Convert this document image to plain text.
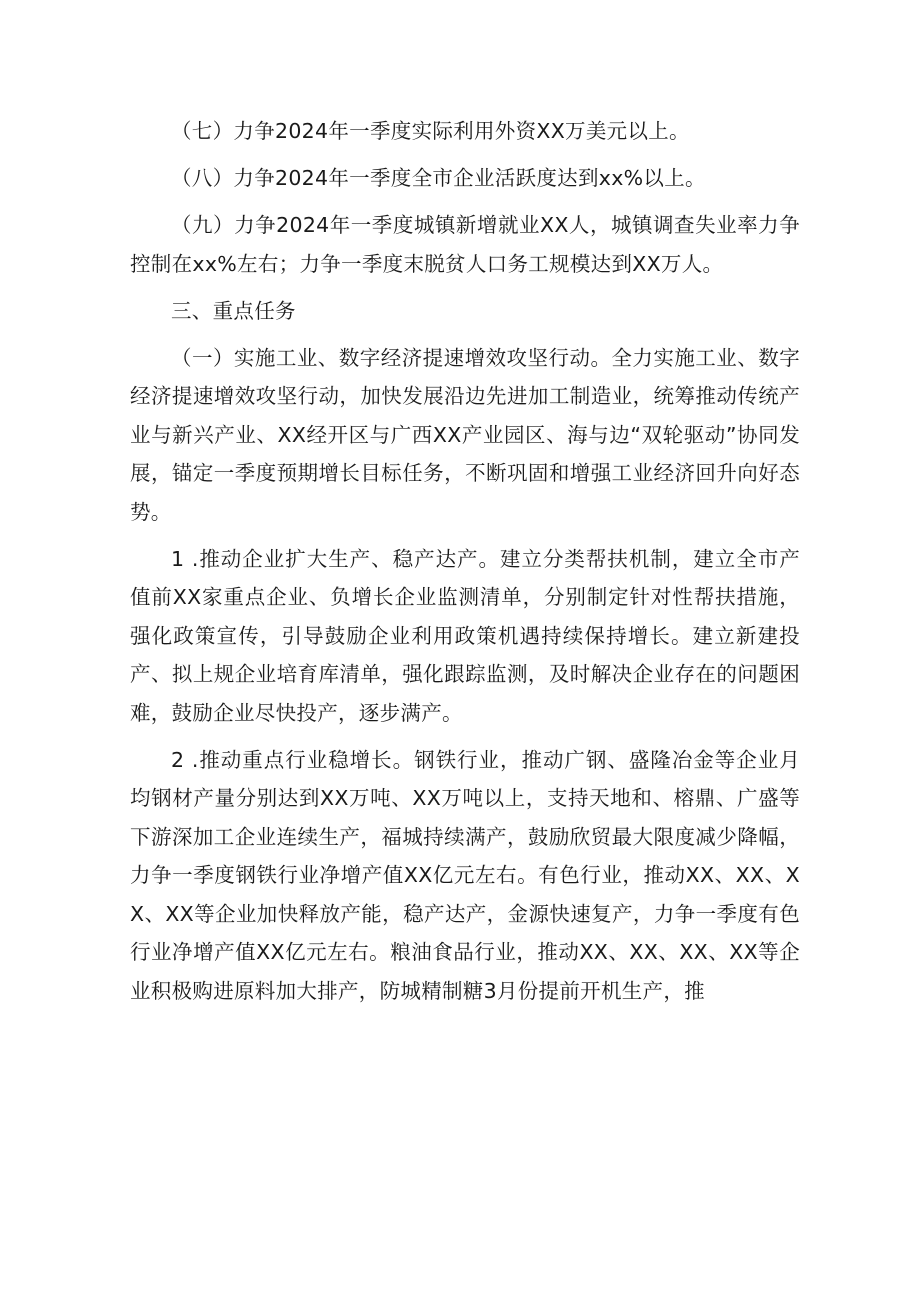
（七）力争2024年一季度实际利用外资XX万美元以上。

（八）力争2024年一季度全市企业活跃度达到xx%以上。

（九）力争2024年一季度城镇新增就业XX人，城镇调查失业率力争控制在xx%左右；力争一季度末脱贫人口务工规模达到XX万人。

三、重点任务

（一）实施工业、数字经济提速增效攻坚行动。全力实施工业、数字经济提速增效攻坚行动，加快发展沿边先进加工制造业，统筹推动传统产业与新兴产业、XX经开区与广西XX产业园区、海与边“双轮驱动”协同发展，锚定一季度预期增长目标任务，不断巩固和增强工业经济回升向好态势。

1 .推动企业扩大生产、稳产达产。建立分类帮扶机制，建立全市产值前XX家重点企业、负增长企业监测清单，分别制定针对性帮扶措施，强化政策宣传，引导鼓励企业利用政策机遇持续保持增长。建立新建投产、拟上规企业培育库清单，强化跟踪监测，及时解决企业存在的问题困难，鼓励企业尽快投产，逐步满产。

2 .推动重点行业稳增长。钢铁行业，推动广钢、盛隆冶金等企业月均钢材产量分别达到XX万吨、XX万吨以上，支持天地和、榕鼎、广盛等下游深加工企业连续生产，福城持续满产，鼓励欣贸最大限度减少降幅，力争一季度钢铁行业净增产值XX亿元左右。有色行业，推动XX、XX、XX、XX等企业加快释放产能，稳产达产，金源快速复产，力争一季度有色行业净增产值XX亿元左右。粮油食品行业，推动XX、XX、XX、XX等企业积极购进原料加大排产，防城精制糖3月份提前开机生产，推
